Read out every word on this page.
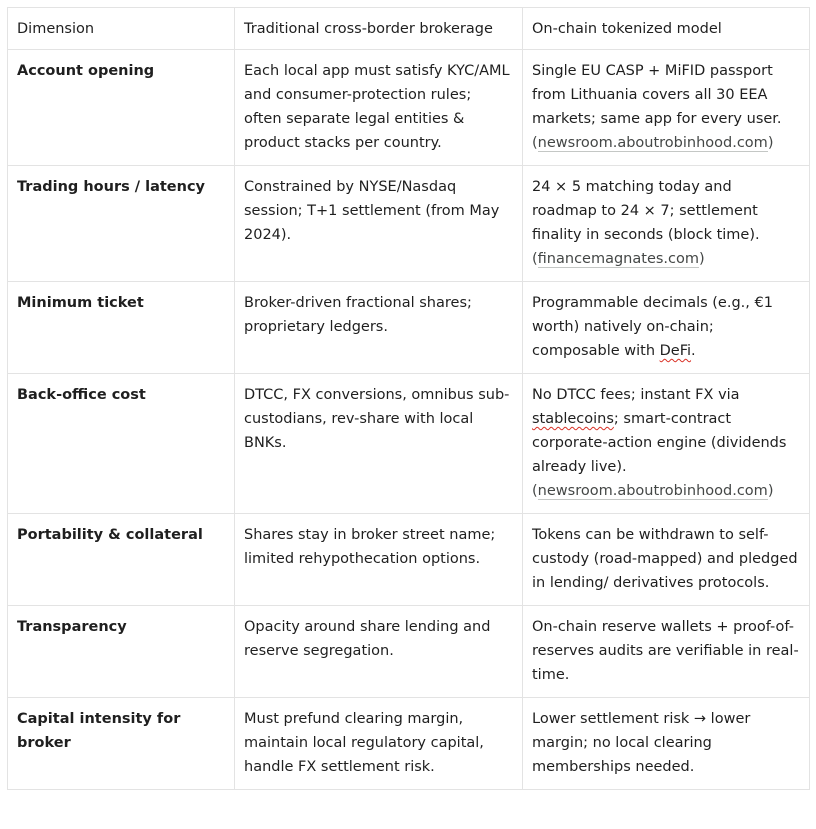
Dimension	Traditional cross-border brokerage	On-chain tokenized model
Account opening	Each local app must satisfy KYC/AML and consumer-protection rules; often separate legal entities & product stacks per country.	Single EU CASP + MiFID passport from Lithuania covers all 30 EEA markets; same app for every user. (newsroom.aboutrobinhood.com)
Trading hours / latency	Constrained by NYSE/Nasdaq session; T+1 settlement (from May 2024).	24 × 5 matching today and roadmap to 24 × 7; settlement finality in seconds (block time). (financemagnates.com)
Minimum ticket	Broker-driven fractional shares; proprietary ledgers.	Programmable decimals (e.g., €1 worth) natively on-chain; composable with DeFi.
Back-office cost	DTCC, FX conversions, omnibus sub-custodians, rev-share with local BNKs.	No DTCC fees; instant FX via stablecoins; smart-contract corporate-action engine (dividends already live). (newsroom.aboutrobinhood.com)
Portability & collateral	Shares stay in broker street name; limited rehypothecation options.	Tokens can be withdrawn to self-custody (road-mapped) and pledged in lending/ derivatives protocols.
Transparency	Opacity around share lending and reserve segregation.	On-chain reserve wallets + proof-of-reserves audits are verifiable in real-time.
Capital intensity for broker	Must prefund clearing margin, maintain local regulatory capital, handle FX settlement risk.	Lower settlement risk → lower margin; no local clearing memberships needed.
